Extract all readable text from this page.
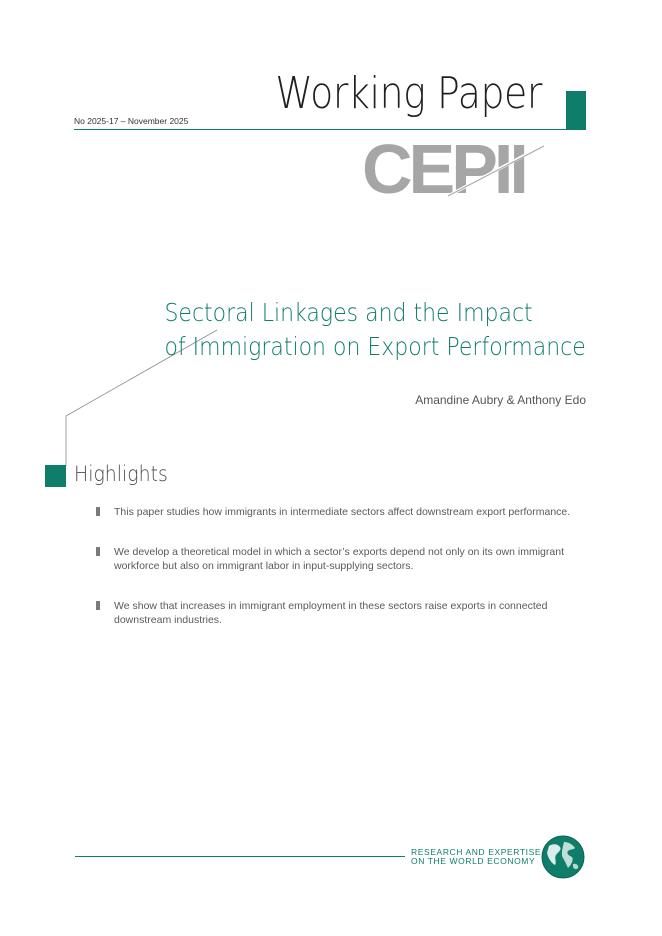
No 2025-17 – November 2025
Working Paper
CEPII
Sectoral Linkages and the Impact
of Immigration on Export Performance
Amandine Aubry & Anthony Edo
Highlights
This paper studies how immigrants in intermediate sectors affect downstream export performance.
We develop a theoretical model in which a sector’s exports depend not only on its own immigrant workforce but also on immigrant labor in input-supplying sectors.
We show that increases in immigrant employment in these sectors raise exports in connected downstream industries.
RESEARCH AND EXPERTISE
ON THE WORLD ECONOMY
